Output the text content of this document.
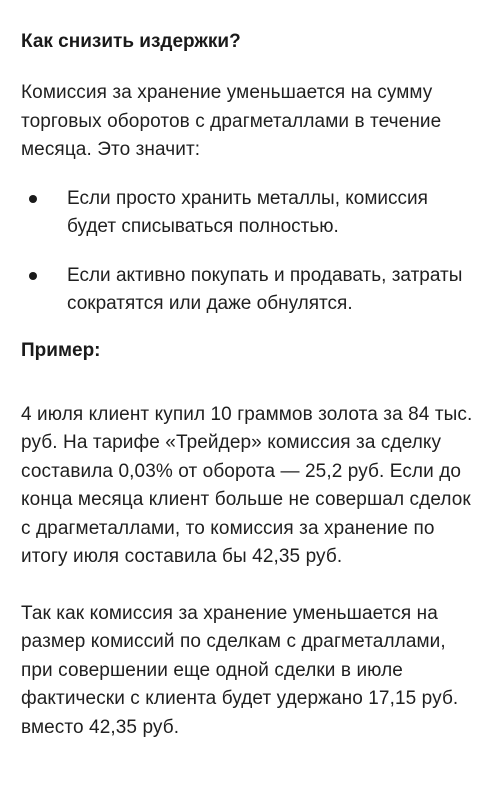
Как снизить издержки?

Комиссия за хранение уменьшается на сумму торговых оборотов с драгметаллами в течение месяца. Это значит:

Если просто хранить металлы, комиссия будет списываться полностью.
Если активно покупать и продавать, затраты сократятся или даже обнулятся.
Пример:

4 июля клиент купил 10 граммов золота за 84 тыс. руб. На тарифе «Трейдер» комиссия за сделку составила 0,03% от оборота — 25,2 руб. Если до конца месяца клиент больше не совершал сделок с драгметаллами, то комиссия за хранение по итогу июля составила бы 42,35 руб.

Так как комиссия за хранение уменьшается на размер комиссий по сделкам с драгметаллами, при совершении еще одной сделки в июле фактически с клиента будет удержано 17,15 руб. вместо 42,35 руб.
